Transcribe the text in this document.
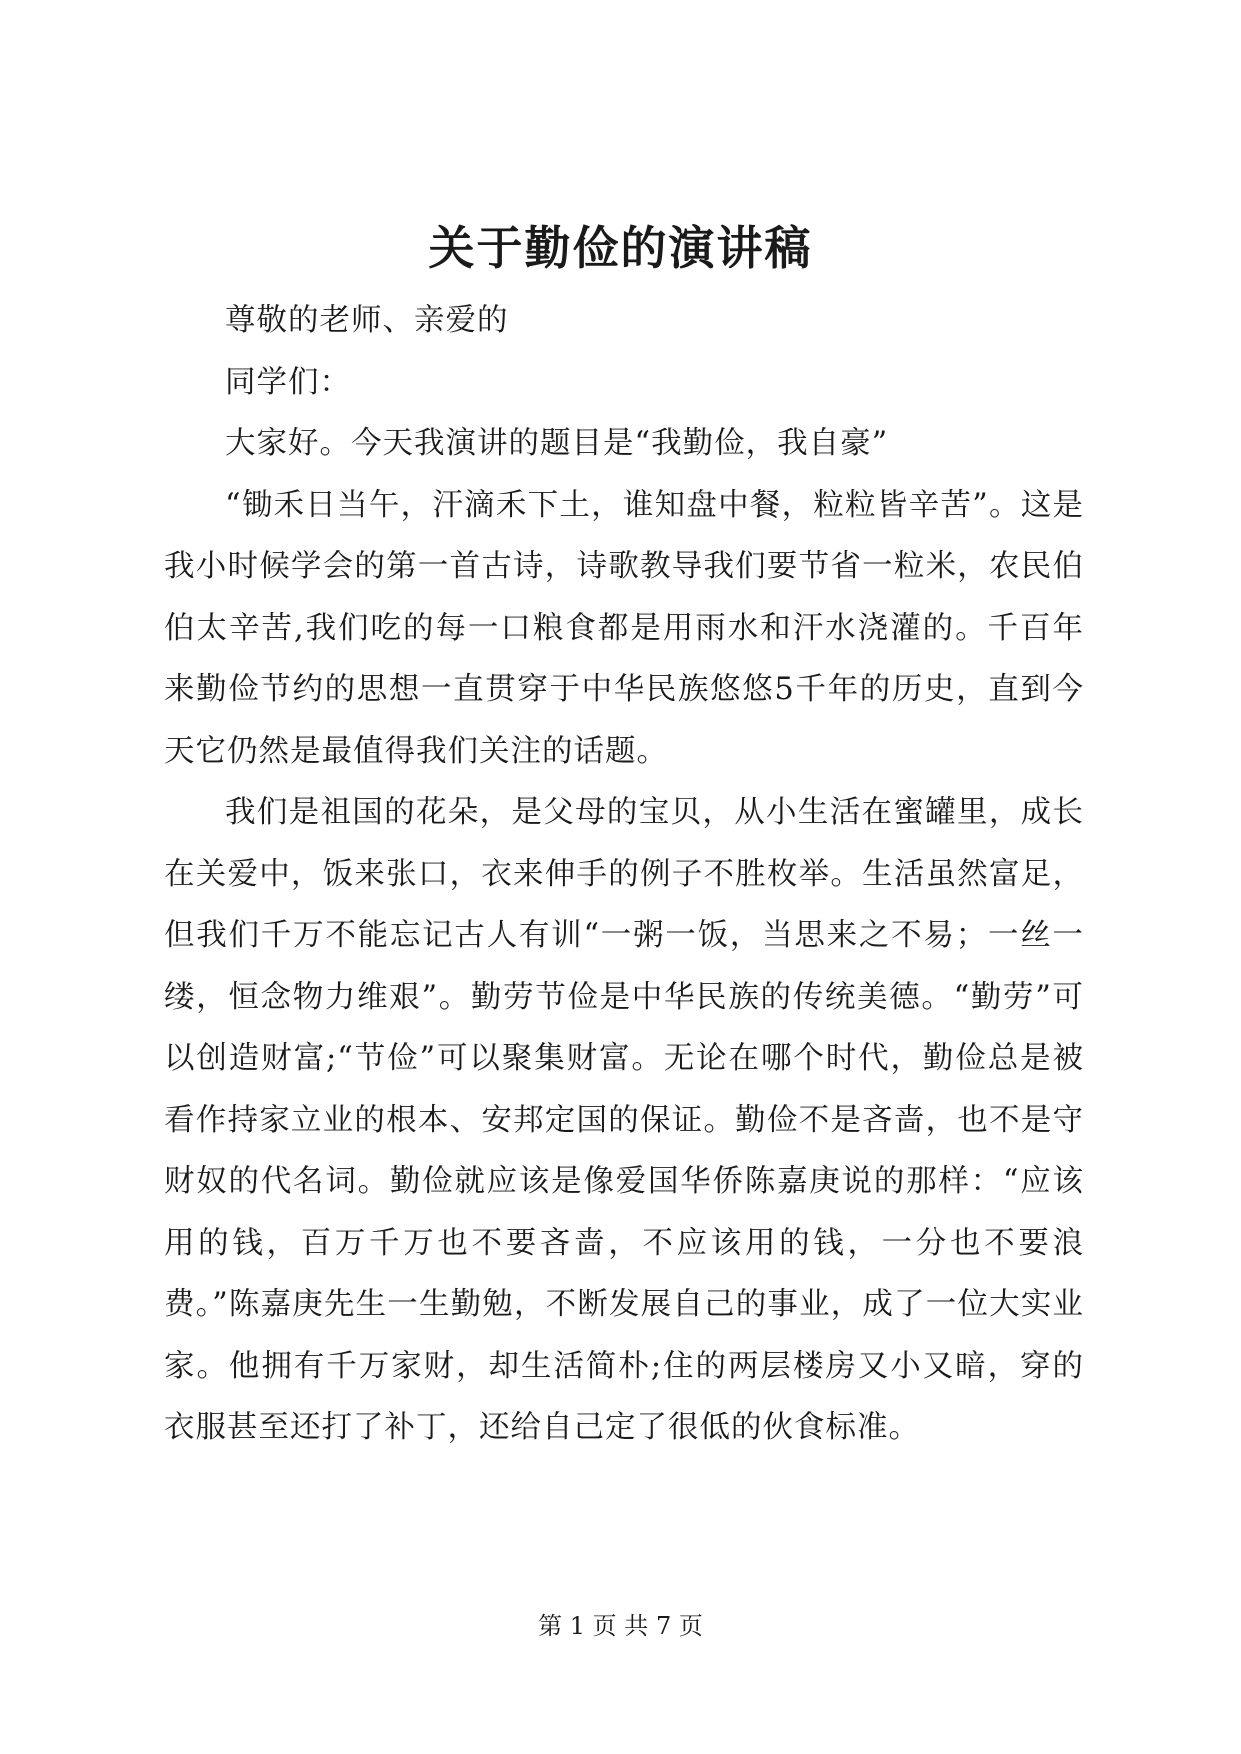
关于勤俭的演讲稿

尊敬的老师、亲爱的

同学们：

大家好。今天我演讲的题目是“我勤俭，我自豪”

“锄禾日当午，汗滴禾下土，谁知盘中餐，粒粒皆辛苦”。这是我小时候学会的第一首古诗，诗歌教导我们要节省一粒米，农民伯伯太辛苦,我们吃的每一口粮食都是用雨水和汗水浇灌的。千百年来勤俭节约的思想一直贯穿于中华民族悠悠5千年的历史，直到今天它仍然是最值得我们关注的话题。

我们是祖国的花朵，是父母的宝贝，从小生活在蜜罐里，成长在关爱中，饭来张口，衣来伸手的例子不胜枚举。生活虽然富足，但我们千万不能忘记古人有训“一粥一饭，当思来之不易；一丝一缕，恒念物力维艰”。勤劳节俭是中华民族的传统美德。“勤劳”可以创造财富;“节俭”可以聚集财富。无论在哪个时代，勤俭总是被看作持家立业的根本、安邦定国的保证。勤俭不是吝啬，也不是守财奴的代名词。勤俭就应该是像爱国华侨陈嘉庚说的那样：“应该用的钱，百万千万也不要吝啬，不应该用的钱，一分也不要浪费。”陈嘉庚先生一生勤勉，不断发展自己的事业，成了一位大实业家。他拥有千万家财，却生活简朴;住的两层楼房又小又暗，穿的衣服甚至还打了补丁，还给自己定了很低的伙食标准。

第 1 页 共 7 页
